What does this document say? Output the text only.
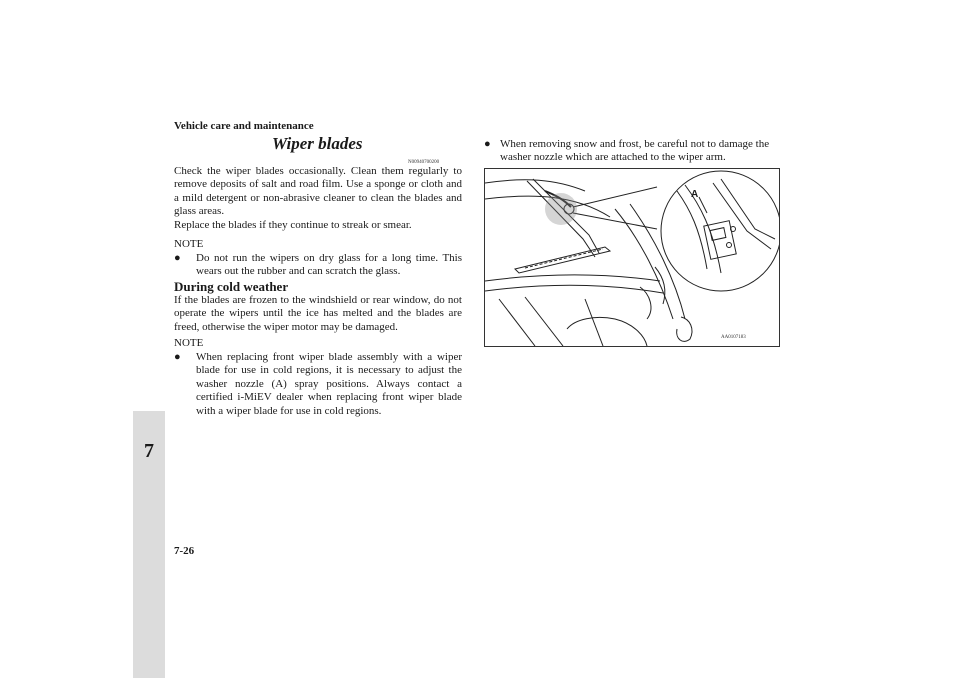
7
Vehicle care and maintenance
Wiper blades
N00940700200
Check the wiper blades occasionally. Clean them regularly to remove deposits of salt and road film. Use a sponge or cloth and a mild detergent or non-abrasive cleaner to clean the blades and glass areas.
Replace the blades if they continue to streak or smear.
NOTE
● Do not run the wipers on dry glass for a long time. This wears out the rubber and can scratch the glass.
During cold weather
If the blades are frozen to the windshield or rear window, do not operate the wipers until the ice has melted and the blades are freed, otherwise the wiper motor may be damaged.
NOTE
● When replacing front wiper blade assembly with a wiper blade for use in cold regions, it is necessary to adjust the washer nozzle (A) spray positions. Always contact a certified i-MiEV dealer when replacing front wiper blade with a wiper blade for use in cold regions.
● When removing snow and frost, be careful not to damage the washer nozzle which are attached to the wiper arm.
A
AA0107183
7-26
